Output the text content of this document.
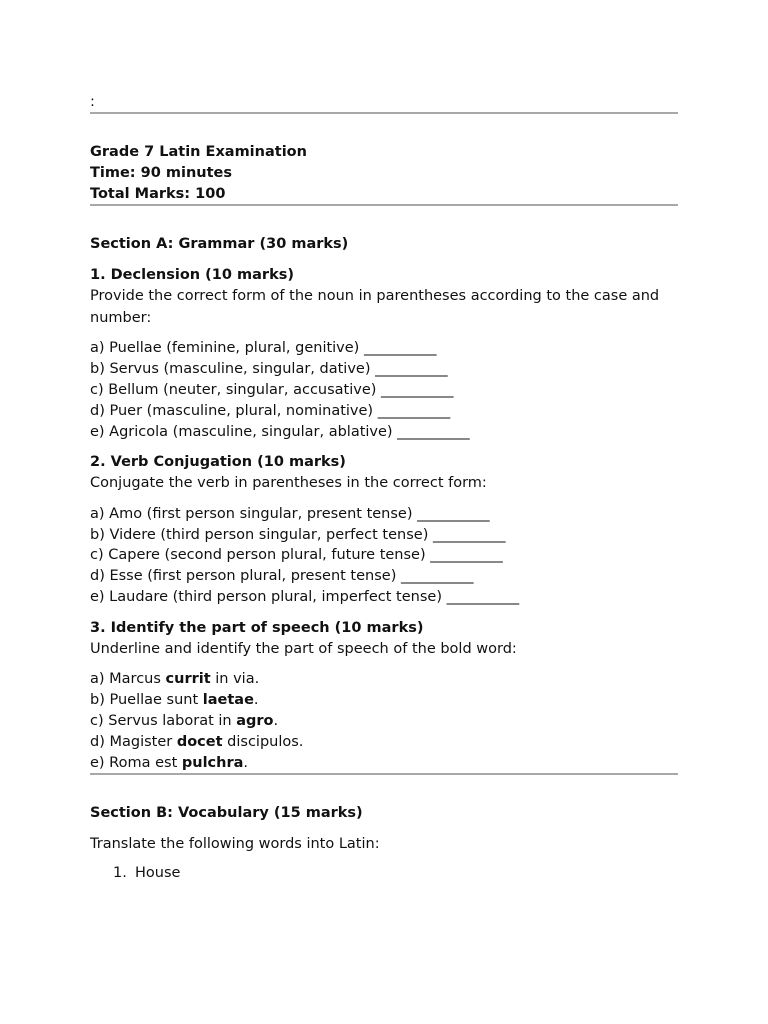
:
Grade 7 Latin Examination
Time: 90 minutes
Total Marks: 100
Section A: Grammar (30 marks)
1. Declension (10 marks)
Provide the correct form of the noun in parentheses according to the case and number:
a) Puellae (feminine, plural, genitive) __________
b) Servus (masculine, singular, dative) __________
c) Bellum (neuter, singular, accusative) __________
d) Puer (masculine, plural, nominative) __________
e) Agricola (masculine, singular, ablative) __________
2. Verb Conjugation (10 marks)
Conjugate the verb in parentheses in the correct form:
a) Amo (first person singular, present tense) __________
b) Videre (third person singular, perfect tense) __________
c) Capere (second person plural, future tense) __________
d) Esse (first person plural, present tense) __________
e) Laudare (third person plural, imperfect tense) __________
3. Identify the part of speech (10 marks)
Underline and identify the part of speech of the bold word:
a) Marcus currit in via.
b) Puellae sunt laetae.
c) Servus laborat in agro.
d) Magister docet discipulos.
e) Roma est pulchra.
Section B: Vocabulary (15 marks)
Translate the following words into Latin:
1. House
